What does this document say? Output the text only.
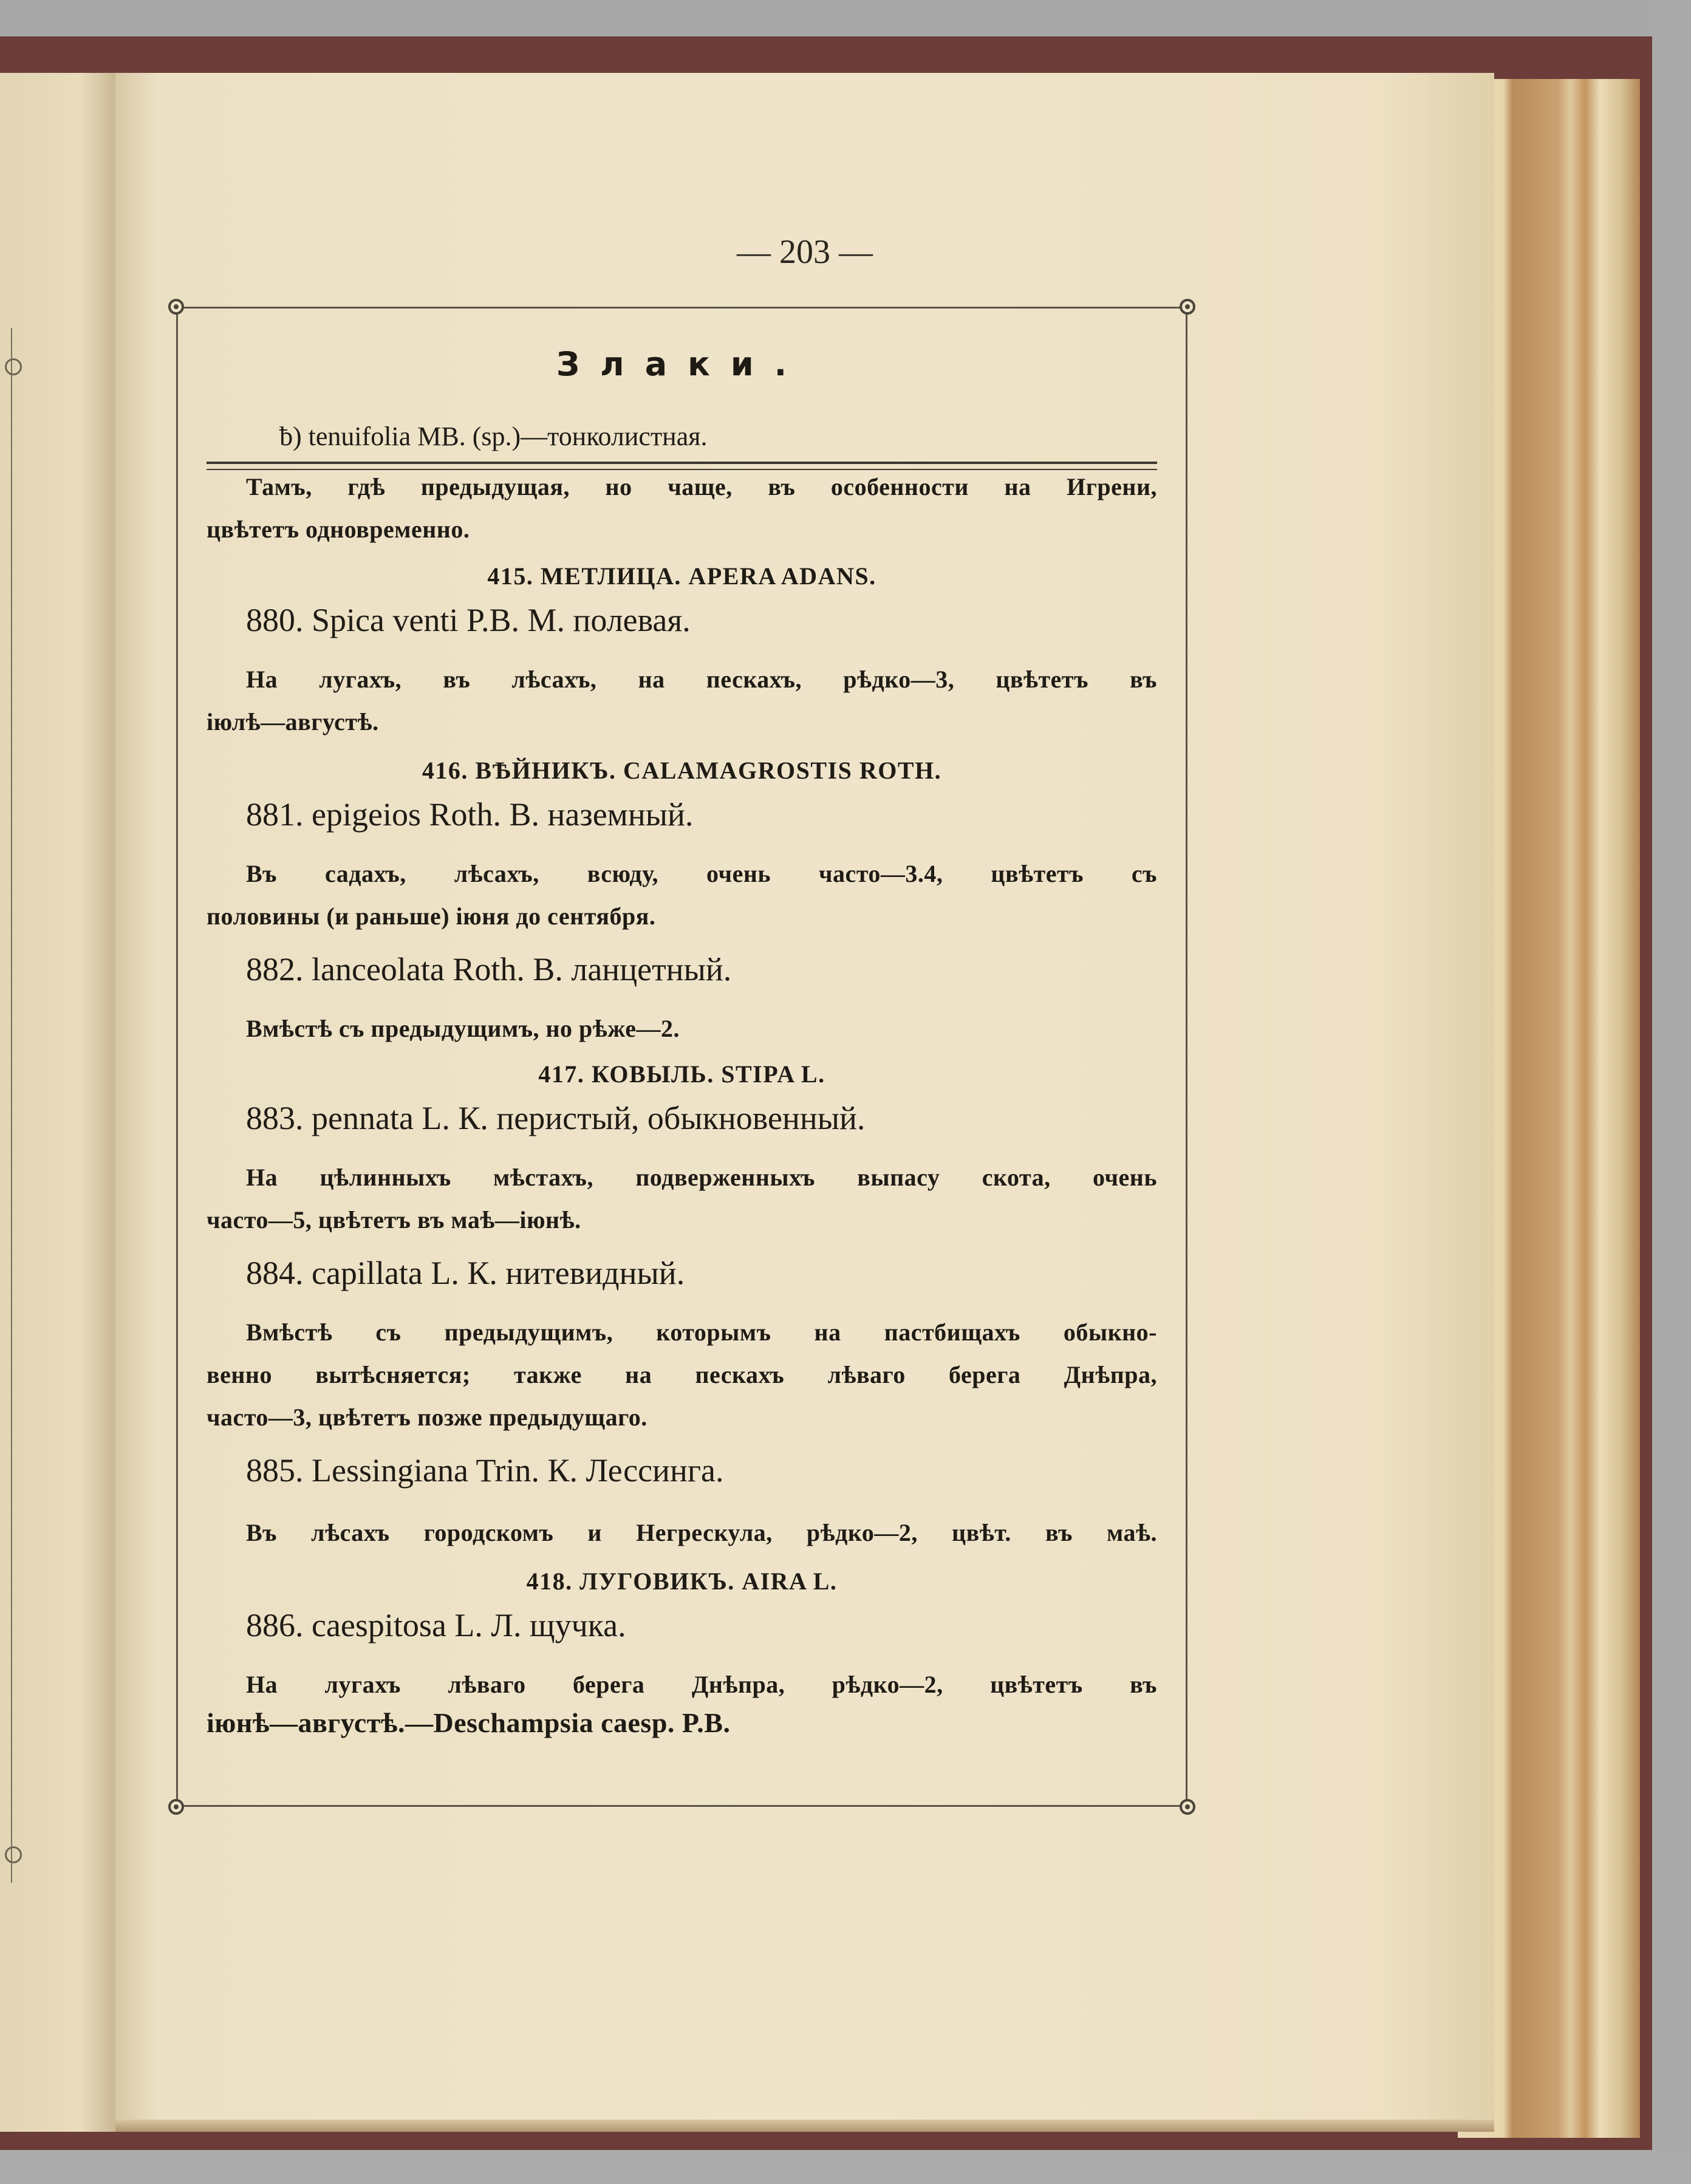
— 203 —
Злаки.
ƀ) tenuifolia MB. (sp.)—тонколистная.
Тамъ, гдѣ предыдущая, но чаще, въ особенности на Игрени,
цвѣтетъ одновременно.
415. МЕТЛИЦА. APERA ADANS.
880. Spica venti P.B. M. полевая.
На лугахъ, въ лѣсахъ, на пескахъ, рѣдко—3, цвѣтетъ въ
іюлѣ—августѣ.
416. ВѢЙНИКЪ. CALAMAGROSTIS ROTH.
881. epigeios Roth. В. наземный.
Въ садахъ, лѣсахъ, всюду, очень часто—3.4, цвѣтетъ съ
половины (и раньше) іюня до сентября.
882. lanceolata Roth. В. ланцетный.
Вмѣстѣ съ предыдущимъ, но рѣже—2.
417. КОВЫЛЬ. STIPA L.
883. pennata L. К. перистый, обыкновенный.
На цѣлинныхъ мѣстахъ, подверженныхъ выпасу скота, очень
часто—5, цвѣтетъ въ маѣ—іюнѣ.
884. capillata L. К. нитевидный.
Вмѣстѣ съ предыдущимъ, которымъ на пастбищахъ обыкно-
венно вытѣсняется; также на пескахъ лѣваго берега Днѣпра,
часто—3, цвѣтетъ позже предыдущаго.
885. Lessingiana Trin. К. Лессинга.
Въ лѣсахъ городскомъ и Негрескула, рѣдко—2, цвѣт. въ маѣ.
418. ЛУГОВИКЪ. AIRA L.
886. caespitosa L. Л. щучка.
На лугахъ лѣваго берега Днѣпра, рѣдко—2, цвѣтетъ въ
іюнѣ—августѣ.—Deschampsia caesp. P.B.
